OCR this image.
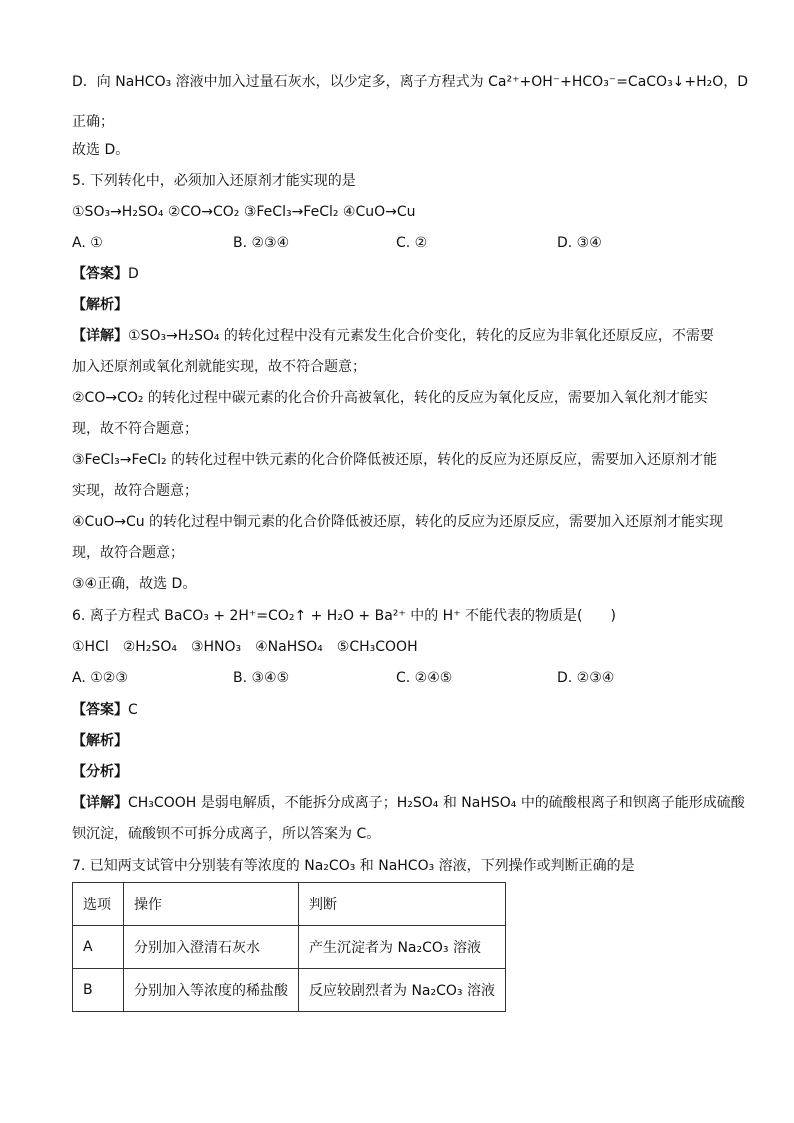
D．向 NaHCO₃ 溶液中加入过量石灰水，以少定多，离子方程式为 Ca²⁺+OH⁻+HCO₃⁻=CaCO₃↓+H₂O，D
正确；
故选 D。
5. 下列转化中，必须加入还原剂才能实现的是
①SO₃→H₂SO₄ ②CO→CO₂ ③FeCl₃→FeCl₂ ④CuO→Cu
A. ①	B. ②③④	C. ②	D. ③④
【答案】D
【解析】
【详解】①SO₃→H₂SO₄ 的转化过程中没有元素发生化合价变化，转化的反应为非氧化还原反应，不需要
加入还原剂或氧化剂就能实现，故不符合题意；
②CO→CO₂ 的转化过程中碳元素的化合价升高被氧化，转化的反应为氧化反应，需要加入氧化剂才能实
现，故不符合题意；
③FeCl₃→FeCl₂ 的转化过程中铁元素的化合价降低被还原，转化的反应为还原反应，需要加入还原剂才能
实现，故符合题意；
④CuO→Cu 的转化过程中铜元素的化合价降低被还原，转化的反应为还原反应，需要加入还原剂才能实现
现，故符合题意；
③④正确，故选 D。
6. 离子方程式 BaCO₃ + 2H⁺=CO₂↑ + H₂O + Ba²⁺ 中的 H⁺ 不能代表的物质是(　　)
①HCl　②H₂SO₄　③HNO₃　④NaHSO₄　⑤CH₃COOH
A. ①②③	B. ③④⑤	C. ②④⑤	D. ②③④
【答案】C
【解析】
【分析】
【详解】CH₃COOH 是弱电解质，不能拆分成离子；H₂SO₄ 和 NaHSO₄ 中的硫酸根离子和钡离子能形成硫酸
钡沉淀，硫酸钡不可拆分成离子，所以答案为 C。
7. 已知两支试管中分别装有等浓度的 Na₂CO₃ 和 NaHCO₃ 溶液，下列操作或判断正确的是
选项	操作	判断
A	分别加入澄清石灰水	产生沉淀者为 Na₂CO₃ 溶液
B	分别加入等浓度的稀盐酸	反应较剧烈者为 Na₂CO₃ 溶液
